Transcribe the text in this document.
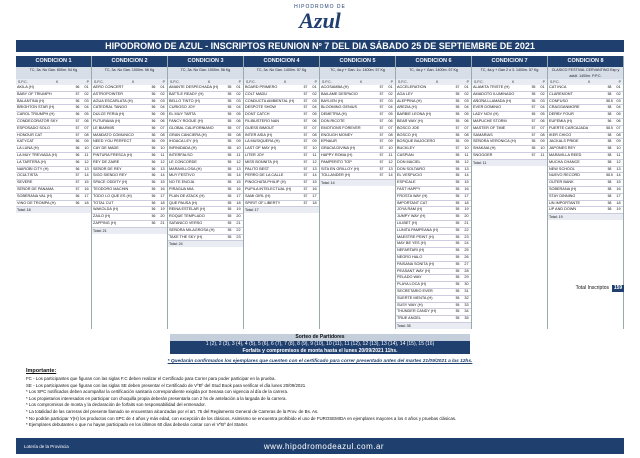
HIPODROMO DE
Azul
HIPODROMO DE AZUL - INSCRIPTOS REUNION Nº 7 DEL DIA SÁBADO 25 DE SEPTIEMBRE DE 2021
CONDICION 1
TC, 3a. No Gan. 800m. 54 Kg
S.P.C.	K	P
AKILA (H)	56	01
BABY OF TRIUMPH	57	02
BALANTINA (H)	56	03
BRIGHTON STAR (H)	56	04
CAROL TRIUMPH (H)	56	05
CONDECORATOR SKY	57	06
ESPOSADO SOLO	57	07
HONOUR CAT	57	08
KATYCAT	56	09
LA LUNA (H)	56	10
LA MUY TREVIADA (H)	56	11
LA TARTERA (H)	56	12
NAIROBI CITY (H)	56	13
OCULTISTA	57	14
SEVERE	57	15
SEÑOR DE PANAMA	57	16
SOBERANA VAL (H)	56	17
VINO DE TROMPA (H)	56	18
Total: 18
CONDICION 2
TC, 3a. No Gan. 1000m. 56 Kg
S.P.C.	K	P
AERO CONCERT	56	01
ASTROPOINTER	56	02
AGUA ESCARLATA (H)	56	03
CATEDRAL TANGO	56	04
DULCE FERIA (H)	56	05
FUTURAMA (H)	56	06
LE BIARMIS	56	07
MANDATO COMUNICO	56	08
NEED YOU PERFECT	56	09
CAY DE MADE	56	10
PINTURA FRESCA (H)	56	11
REY DE ZAIRE	56	12
SEÑOR DE REY	56	13
SIGO SIENDO REY	56	14
SPACE ODDITY (H)	56	15
TEODORO MACHIN	56	16
TODO LO QUE ES (H)	56	17
TOTAL CUT	56	18
WAKOLDA (H)	56	19
ZAILO (H)	56	20
ZAPPING (H)	56	21
Total: 21
CONDICION 3
TC, 3a. No Gan. 1000m. 56 Kg
S.P.C.	K	P
AMANTE DESPECHADA (H)	55	01
BATTLE READY (H)	55	02
BELLO TINTO (H)	55	03
CURIOSO JOY	55	04
EL MUY TARTA	55	05
FANCY ROGUE (H)	55	06
GLOBAL CALIFORNIANO	55	07
GRAN CANCIERA (H)	55	08
IHOACA LEY (H)	55	09
INFINIDADA (H)	55	10
INTERFALSO	55	11
LE CONCORDE	55	12
MARAVILLOSA (H)	55	13
MUY FESTIVO	55	14
NO TE ENOJA	55	15
PIRAGUA MIA	55	16
PLAN DE ATACK (H)	55	17
QUE PAUSA (H)	55	18
REINA ESTELAR (H)	55	19
ROQUE TEMPLADO	55	20
SATANICO VERSO	55	21
SEÑORA MILAGROSA (H)	55	22
TAKE THE SKY (H)	55	23
Total: 24
CONDICION 4
TC, 3a. No Gan. 1400m. 57 Kg
S.P.C.	K	P
BOARD PRIMERO	57	01
COLT MADU	57	02
CONDUCTA AMBIENTAL (H)	57	03
DESPOTE SHOW	57	04
DONT CATCH	57	05
FILIBUSTERO NAN	57	06
GUESS BIMOUT	57	07
INTER ASIA (H)	57	08
LA MUSIQUERA (H)	57	09
LAST OF MAY (H)	57	10
LITER JOY	57	11
MISS BONNITA (H)	57	12
PALITO BEST	57	13
PERRO DE LA CALLE	57	14
PINOCHATA PHILIP (H)	57	15
PUPILA INTELECTUAL (H)	57	16
SAMI GIRL (H)	57	17
SPIRIT OF LIBERTY	57	18
Total: 17
CONDICION 5
TC, 4a.y + Gan. 1o. 1400m. 57 Kg
S.P.C.	K	P
ACOSAMBA (H)	57	01
BAILAME DESPACIO	57	02
BAYLIEN (H)	57	03
BLOOMING GENIUS	57	04
DEMETRIA (H)	57	05
DON RICOTE	57	06
EMOTIONS FOREVER	57	07
ENOUGH MONEY	57	08
EPNAUR	57	09
GRACIA DIVINA (H)	57	10
HAPPY ROMA (H)	57	11
PAMPERITO TOP	57	12
SITA EN GRILLOY (H)	57	13
TOLLANDER (H)	57	14
Total: 14
CONDICION 6
TC, 4a.y + Gan. 1400m. 57 Kg
S.P.C.	K	P
ACCELERATION	57	01
AGA LEY	55	02
ALEPPINA (H)	55	03
AREZIA (H)	55	04
BARBIE LEONA (H)	55	05
BEAR WAY (H)	55	06
BOSCO JOE	57	07
BOSCO (H)	55	08
BOSQUE BAJOCERO	55	09
BUCKLEY	57	10
CASPIAN	55	11
DON MACIEL	55	12
DON SOLTAIRO	55	13
EL VESPUCIO	55	14
ESPICALE	55	15
FAST HAPPY	55	16
FROSTA WAY (H)	55	17
IMPORTANT CAT	55	18
JOYA RAM (H)	55	19
JUMPY WAY (H)	55	20
LILIBET (H)	55	21
LUNITA PAMPEANA (H)	55	22
MAESTRE PEINT (H)	55	23
MAY BE YES (H)	55	24
NEFARTARI (H)	55	25
NEGRO HALO	55	26
PAISANA SONITA (H)	55	27
PEASANT WAY (H)	55	28
PELADO WAY	55	29
PLAYA LOCA (H)	55	30
SECRETARIO EVER	55	31
SUERTE MENTA (H)	55	32
SUSY WAY (H)	55	33
THUNDER CANDY (H)	55	34
TRUE ANGEL	55	35
Total: 35
CONDICION 7
TC, 4a.y + Gan 2 o 3. 1400m. 57 Kg
S.P.C.	K	P
ALAMITA TRISTE (H)	55	01
AMADOTO ILUMINADO	55	02
AÑOÑA LLAMADA (H)	55	03
EVER DOMINIO	57	04
LADY NOV (H)	55	05
MAPUCHE STORM	57	06
MASTER OF TIME	57	07
SAMARIAS	57	08
SEÑORA VERONICA (H)	55	09
SHAKAIA (H)	55	10
SNOGGER	57	11
Total: 11
CONDICION 8
CLASICO FESTIVAL CERVANTINO Esp y adult. 1400m. P.P.C.
S.P.C.	K	P
CAT INCA	58	01
CLAREMONT	58	02
CONFUSO	58.5 03
CRAGGANMORE	58	04
DERBY FOUR	58	05
EUFEMIA (H)	56	06
FUERTE CARCAJADA	58.5 07
IKER CHICO	58	08
JACKALS PRIDE	58	09
JAPONES REY	58	10
MARAVILLA REED	58	11
MUCHA CHANCE	58	12
NEW SCHOOL	58	13
NUEVO RECORD	58.5 14
OUTER BANK	58	15
SOBERANA (H)	58	16
STAY DINNING	58	17
UN IMPORTANTE	58	18
UP AND DOWN	58	19
Total: 19
Total Inscriptos 159
Sorteo de Partidores
1 (2), 2 (3), 3 (4), 4 (5), 5 (6), 6 (7), 7 (8), 8 (9), 9 (10), 10 (11), 11 (12), 12 (13), 13 (14), 14 (15), 15 (16)
Forfaits y compromisos de monta hasta el lunes 20/09/2021 11hs.
* Quedarán confirmados los ejemplares que cuenten con el certificado para correr presentado antes del martes 21/09/2021 a las 12hs.
Importante:
FC - Los participantes que figuran con las siglas F.C deben realizar el Certificado para Correr para poder participar en la prueba.
SE - Los participantes que figuran con las siglas SE deben presentar el Certificado de VºBº del Stud Book para verificar el día lunes 20/09/2021
* Los SPC notificados deben acompañar la certificación sanitaria correspondiente exigida por Senasa con vigencia al día de la carrera.
* Los propietarios interesados en participar con choquilla propia deberán presentarla con 2 hs de antelación a la largada de la carrera.
* Los compromisos de monta y la declaración de forfaits son responsabilidad del entrenador.
* La totalidad de las carreras del presente llamado se encuentran alcanzadas por el art. 75 del Reglamento General de Carreras de la Prov. de Bs. As.
* No podrán participar Y(H) los productos con SPC de 4 años y más edad, con excepción de los clásicos. Asimismo se encuentra prohibido el uso de FUROSEMIDA en ejemplares mayores a los 4 años y pruebas clásicas.
* Ejemplares debutantes o que no hayan participado en los últimos 60 días deberán contar con el VºBº del Starter.
Lotería de la Provincia	www.hipodromodeazul.com.ar
